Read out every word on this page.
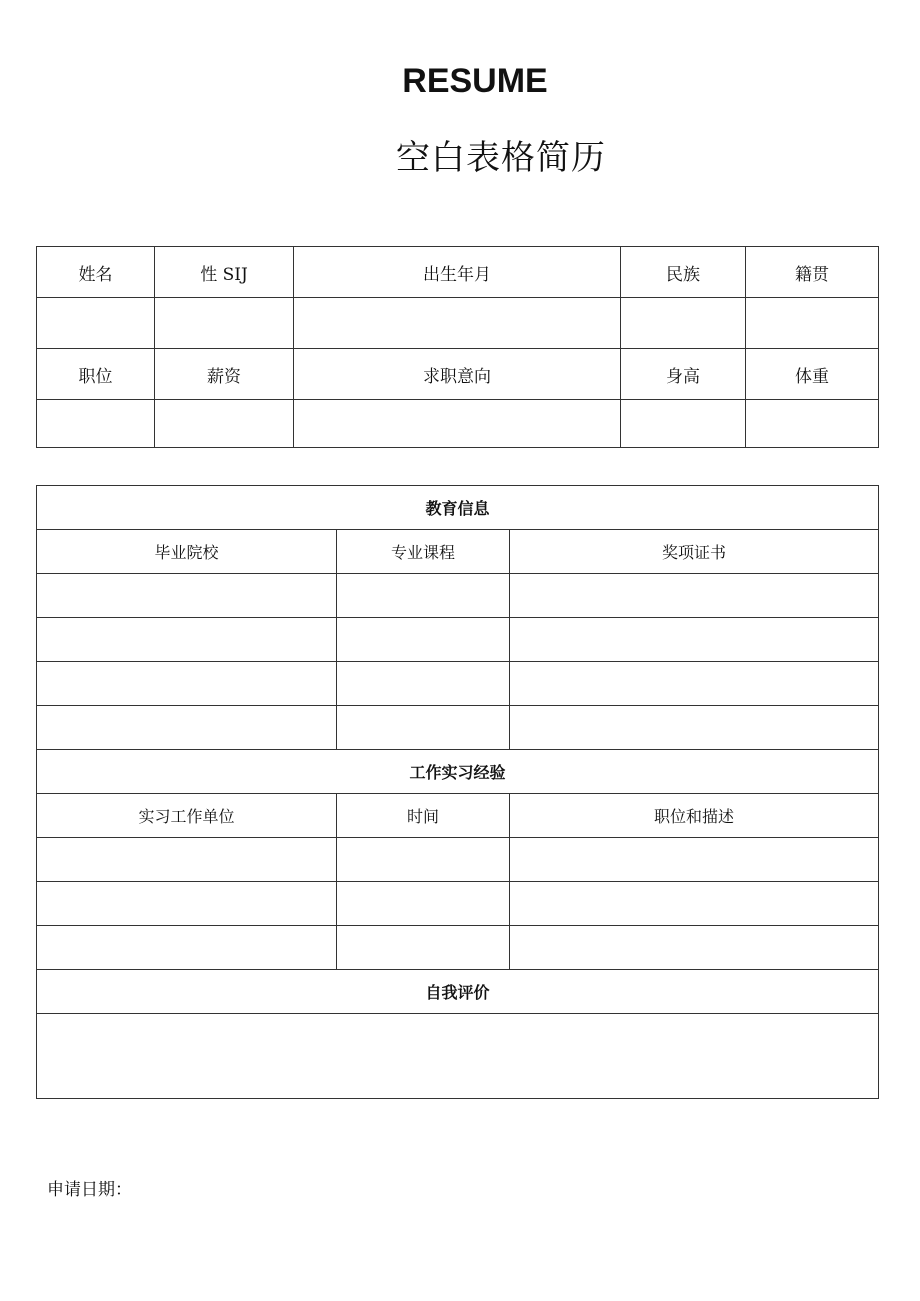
RESUME
空白表格简历
姓名	性 SIJ	出生年月	民族	籍贯

职位	薪资	求职意向	身高	体重

教育信息		
毕业院校	专业课程	奖项证书

工作实习经验		
实习工作单位	时间	职位和描述

自我评价		

申请日期：
